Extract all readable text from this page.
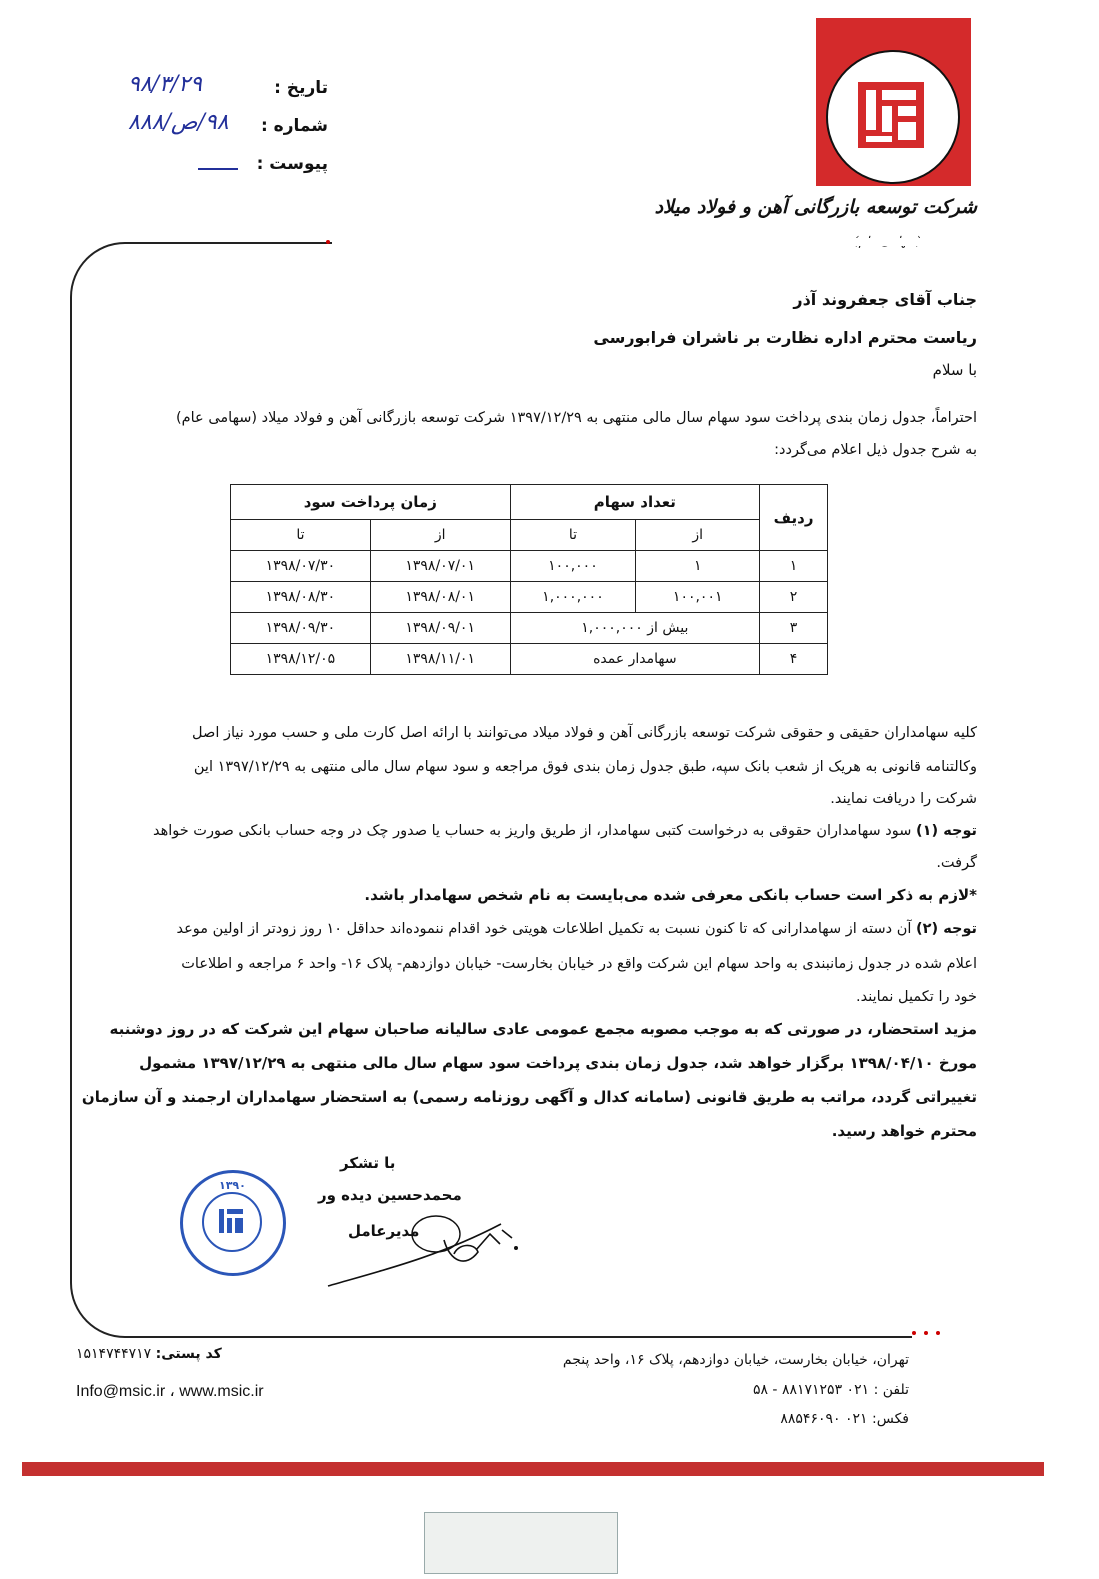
تاریخ :
۹۸/۳/۲۹
شماره :
۹۸/ص/۸۸۸
پیوست :
شرکت توسعه بازرگانی آهن و فولاد میلاد
جناب آقای جعفروند آذر
ریاست محترم اداره نظارت بر ناشران فرابورسی
با سلام
احتراماً، جدول زمان بندی پرداخت سود سهام سال مالی منتهی به ۱۳۹۷/۱۲/۲۹ شرکت توسعه بازرگانی آهن و فولاد میلاد (سهامی عام)
به شرح جدول ذیل اعلام می‌گردد:
ردیف	تعداد سهام		زمان پرداخت سود	
	از	تا	از	تا
۱	۱	۱۰۰,۰۰۰	۱۳۹۸/۰۷/۰۱	۱۳۹۸/۰۷/۳۰
۲	۱۰۰,۰۰۱	۱,۰۰۰,۰۰۰	۱۳۹۸/۰۸/۰۱	۱۳۹۸/۰۸/۳۰
۳	بیش از ۱,۰۰۰,۰۰۰		۱۳۹۸/۰۹/۰۱	۱۳۹۸/۰۹/۳۰
۴	سهامدار عمده		۱۳۹۸/۱۱/۰۱	۱۳۹۸/۱۲/۰۵
کلیه سهامداران حقیقی و حقوقی شرکت توسعه بازرگانی آهن و فولاد میلاد می‌توانند با ارائه اصل کارت ملی و حسب مورد نیاز اصل
وکالتنامه قانونی به هریک از شعب بانک سپه، طبق جدول زمان بندی فوق مراجعه و سود سهام سال مالی منتهی به ۱۳۹۷/۱۲/۲۹ این
شرکت را دریافت نمایند.
توجه (۱) سود سهامداران حقوقی به درخواست کتبی سهامدار، از طریق واریز به حساب یا صدور چک در وجه حساب بانکی صورت خواهد
گرفت.
*لازم به ذکر است حساب بانکی معرفی شده می‌بایست به نام شخص سهامدار باشد.
توجه (۲) آن دسته از سهامدارانی که تا کنون نسبت به تکمیل اطلاعات هویتی خود اقدام ننموده‌اند حداقل ۱۰ روز زودتر از اولین موعد
اعلام شده در جدول زمانبندی به واحد سهام این شرکت واقع در خیابان بخارست- خیابان دوازدهم- پلاک ۱۶- واحد ۶ مراجعه و اطلاعات
خود را تکمیل نمایند.
مزید استحضار، در صورتی که به موجب مصوبه مجمع عمومی عادی سالیانه صاحبان سهام این شرکت که در روز دوشنبه
مورخ ۱۳۹۸/۰۴/۱۰ برگزار خواهد شد، جدول زمان بندی پرداخت سود سهام سال مالی منتهی به ۱۳۹۷/۱۲/۲۹ مشمول
تغییراتی گردد، مراتب به طریق قانونی (سامانه کدال و آگهی روزنامه رسمی) به استحضار سهامداران ارجمند و آن سازمان
محترم خواهد رسید.
با تشکر
محمدحسین دیده ور
مدیرعامل
۱۳۹۰
کد پستی: ۱۵۱۴۷۴۴۷۱۷
Info@msic.ir ، www.msic.ir
تهران، خیابان بخارست، خیابان دوازدهم، پلاک ۱۶، واحد پنجم
تلفن : ۰۲۱ ۸۸۱۷۱۲۵۳ - ۵۸
فکس: ۰۲۱ ۸۸۵۴۶۰۹۰
